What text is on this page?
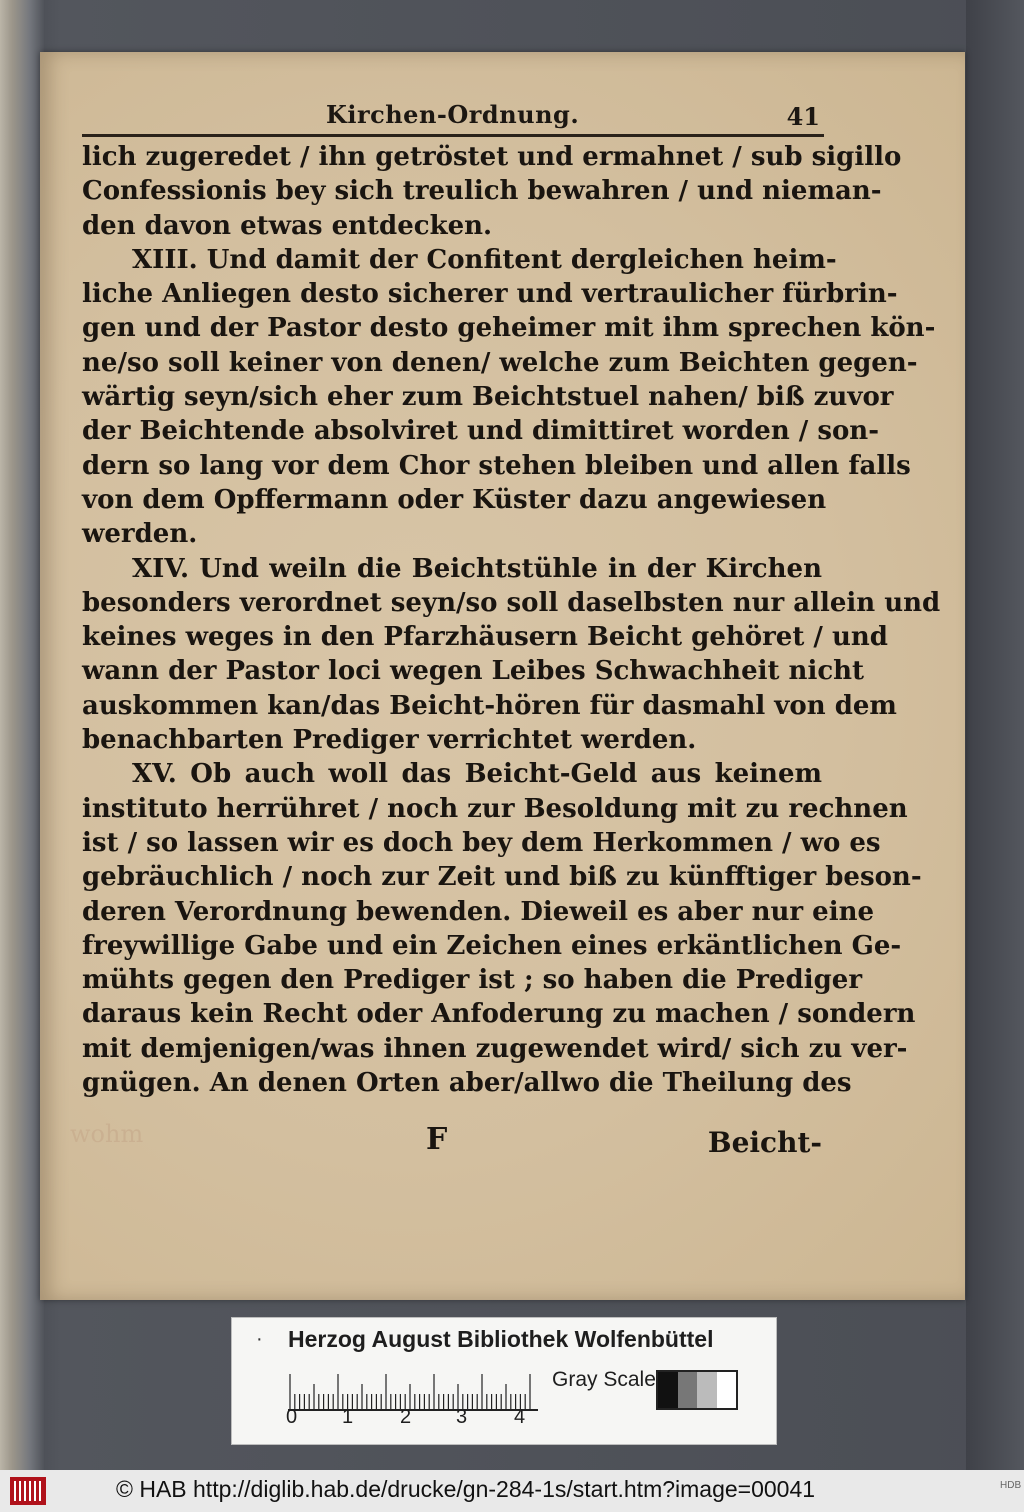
Kirchen-Ordnung.	41
lich zugeredet / ihn getröstet und ermahnet / sub sigillo
Confessionis bey sich treulich bewahren / und nieman-
den davon etwas entdecken.
XIII. Und damit der Confitent dergleichen heim-
liche Anliegen desto sicherer und vertraulicher fürbrin-
gen und der Pastor desto geheimer mit ihm sprechen kön-
ne/so soll keiner von denen/ welche zum Beichten gegen-
wärtig seyn/sich eher zum Beichtstuel nahen/ biß zuvor
der Beichtende absolviret und dimittiret worden / son-
dern so lang vor dem Chor stehen bleiben und allen falls
von dem Opffermann oder Küster dazu angewiesen
werden.
XIV. Und weiln die Beichtstühle in der Kirchen
besonders verordnet seyn/so soll daselbsten nur allein und
keines weges in den Pfarzhäusern Beicht gehöret / und
wann der Pastor loci wegen Leibes Schwachheit nicht
auskommen kan/das Beicht-hören für dasmahl von dem
benachbarten Prediger verrichtet werden.
XV. Ob auch woll das Beicht-Geld aus keinem
instituto herrühret / noch zur Besoldung mit zu rechnen
ist / so lassen wir es doch bey dem Herkommen / wo es
gebräuchlich / noch zur Zeit und biß zu künfftiger beson-
deren Verordnung bewenden. Dieweil es aber nur eine
freywillige Gabe und ein Zeichen eines erkäntlichen Ge-
mühts gegen den Prediger ist ; so haben die Prediger
daraus kein Recht oder Anfoderung zu machen / sondern
mit demjenigen/was ihnen zugewendet wird/ sich zu ver-
gnügen. An denen Orten aber/allwo die Theilung des
wohm	F	Beicht-
· Herzog August Bibliothek Wolfenbüttel
0 1 2 3 4
Gray Scale
© HAB http://diglib.hab.de/drucke/gn-284-1s/start.htm?image=00041	HDB
